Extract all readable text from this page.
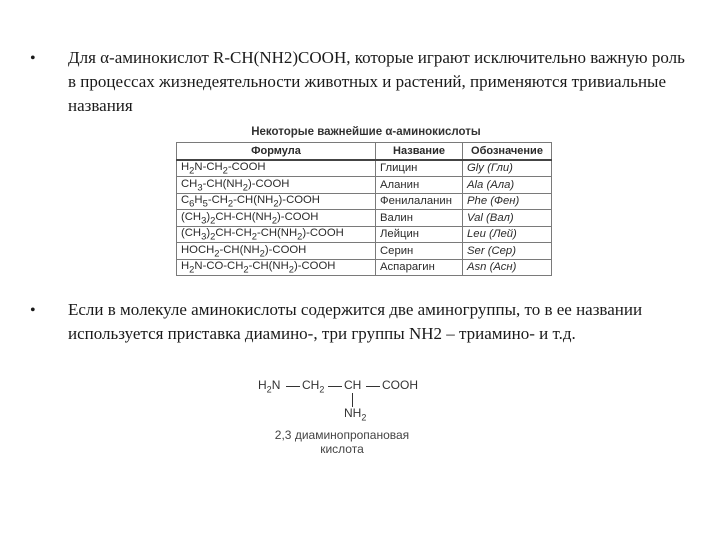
• Для α-аминокислот R-CH(NH2)COOH, которые играют исключительно важную роль в процессах жизнедеятельности животных и растений, применяются тривиальные названия
Некоторые важнейшие α-аминокислоты
Формула	Название	Обозначение
$H_2N-CH_2$-COOH	Глицин	Gly (Гли)
$CH_3-CH(NH_2)$-COOH	Аланин	Ala (Ала)
$C_6H_5-CH_2-CH(NH_2)$-COOH	Фенилаланин	Phe (Фен)
$(CH_3)_2CH-CH(NH_2)$-COOH	Валин	Val (Вал)
$(CH_3)_2CH-CH_2-CH(NH_2)$-COOH	Лейцин	Leu (Лей)
$HOCH_2-CH(NH_2)$-COOH	Серин	Ser (Сер)
$H_2N-CO-CH_2-CH(NH_2)$-COOH	Аспарагин	Asn (Асн)
• Если в молекуле аминокислоты содержится две аминогруппы, то в ее названии используется приставка диамино-, три группы NH2 – триамино- и т.д.
$H_2N$ $CH_2$ CH COOH
$NH_2$
2,3 диаминопропановая кислота
